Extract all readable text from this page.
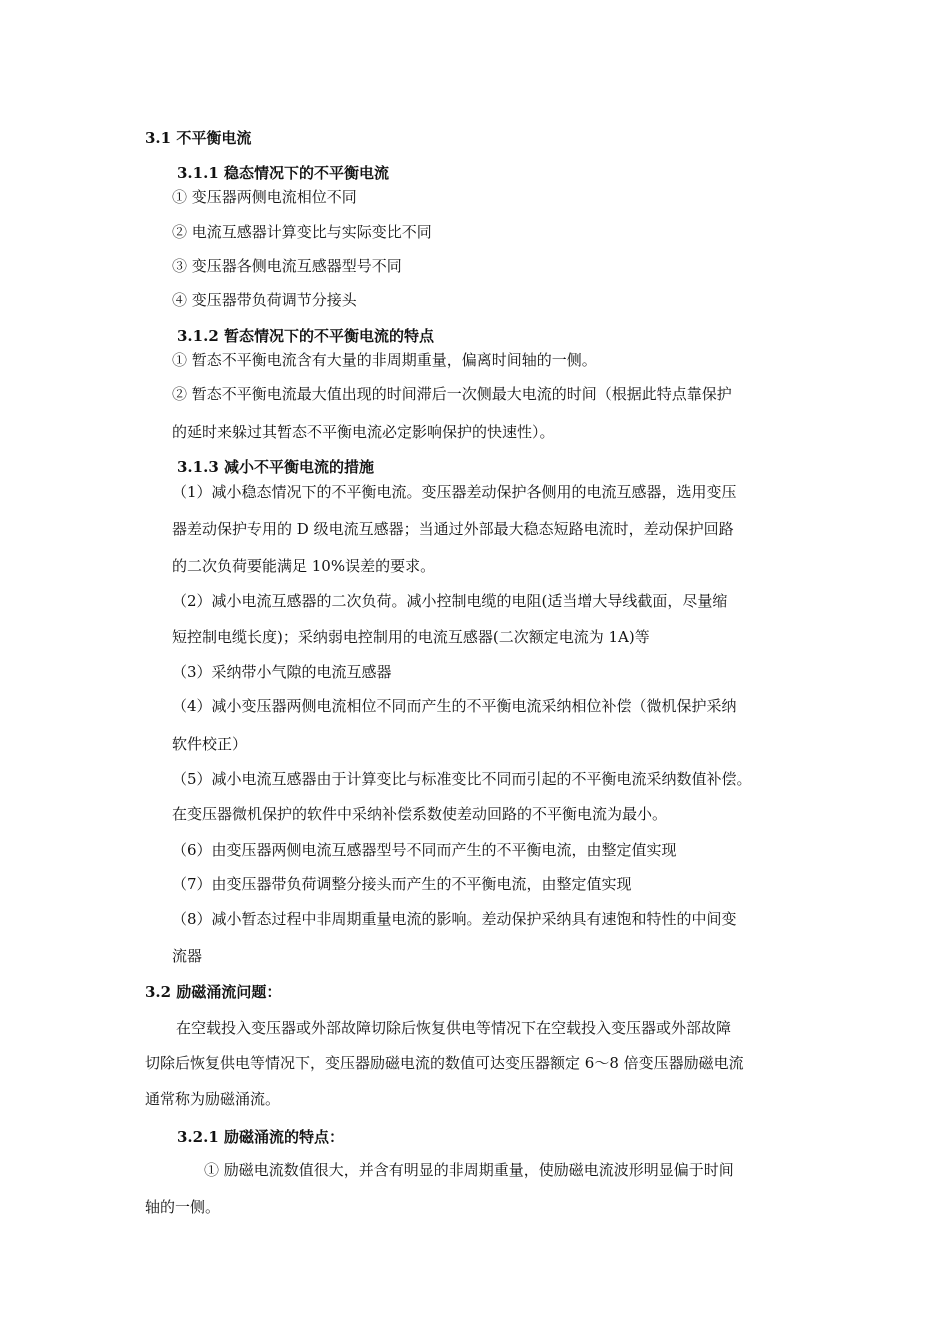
3.1 不平衡电流
3.1.1 稳态情况下的不平衡电流
① 变压器两侧电流相位不同
② 电流互感器计算变比与实际变比不同
③ 变压器各侧电流互感器型号不同
④ 变压器带负荷调节分接头
3.1.2 暂态情况下的不平衡电流的特点
① 暂态不平衡电流含有大量的非周期重量，偏离时间轴的一侧。
② 暂态不平衡电流最大值出现的时间滞后一次侧最大电流的时间（根据此特点靠保护
的延时来躲过其暂态不平衡电流必定影响保护的快速性）。
3.1.3 减小不平衡电流的措施
（1）减小稳态情况下的不平衡电流。变压器差动保护各侧用的电流互感器，选用变压
器差动保护专用的 D 级电流互感器；当通过外部最大稳态短路电流时，差动保护回路
的二次负荷要能满足 10%误差的要求。
（2）减小电流互感器的二次负荷。减小控制电缆的电阻(适当增大导线截面，尽量缩
短控制电缆长度)；采纳弱电控制用的电流互感器(二次额定电流为 1A)等
（3）采纳带小气隙的电流互感器
（4）减小变压器两侧电流相位不同而产生的不平衡电流采纳相位补偿（微机保护采纳
软件校正）
（5）减小电流互感器由于计算变比与标准变比不同而引起的不平衡电流采纳数值补偿。
在变压器微机保护的软件中采纳补偿系数使差动回路的不平衡电流为最小。
（6）由变压器两侧电流互感器型号不同而产生的不平衡电流，由整定值实现
（7）由变压器带负荷调整分接头而产生的不平衡电流，由整定值实现
（8）减小暂态过程中非周期重量电流的影响。差动保护采纳具有速饱和特性的中间变
流器
3.2 励磁涌流问题：
在空载投入变压器或外部故障切除后恢复供电等情况下在空载投入变压器或外部故障
切除后恢复供电等情况下，变压器励磁电流的数值可达变压器额定 6～8 倍变压器励磁电流
通常称为励磁涌流。
3.2.1 励磁涌流的特点：
① 励磁电流数值很大，并含有明显的非周期重量，使励磁电流波形明显偏于时间
轴的一侧。
